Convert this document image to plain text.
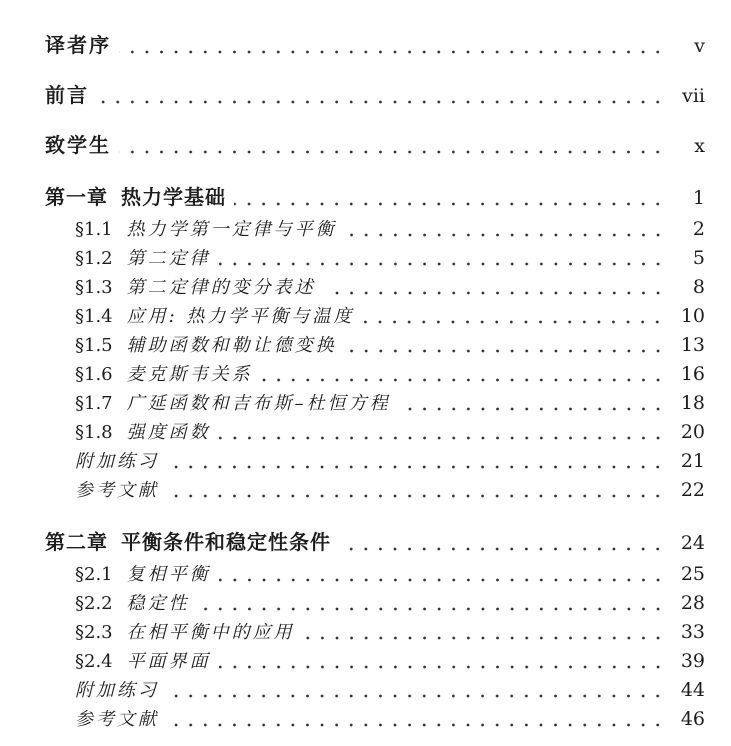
译者序	v
前言	vii
致学生	x
第一章 热力学基础	1
§1.1 热力学第一定律与平衡	2
§1.2 第二定律	5
§1.3 第二定律的变分表述	8
§1.4 应用: 热力学平衡与温度	10
§1.5 辅助函数和勒让德变换	13
§1.6 麦克斯韦关系	16
§1.7 广延函数和吉布斯–杜恒方程	18
§1.8 强度函数	20
附加练习	21
参考文献	22
第二章 平衡条件和稳定性条件	24
§2.1 复相平衡	25
§2.2 稳定性	28
§2.3 在相平衡中的应用	33
§2.4 平面界面	39
附加练习	44
参考文献	46
